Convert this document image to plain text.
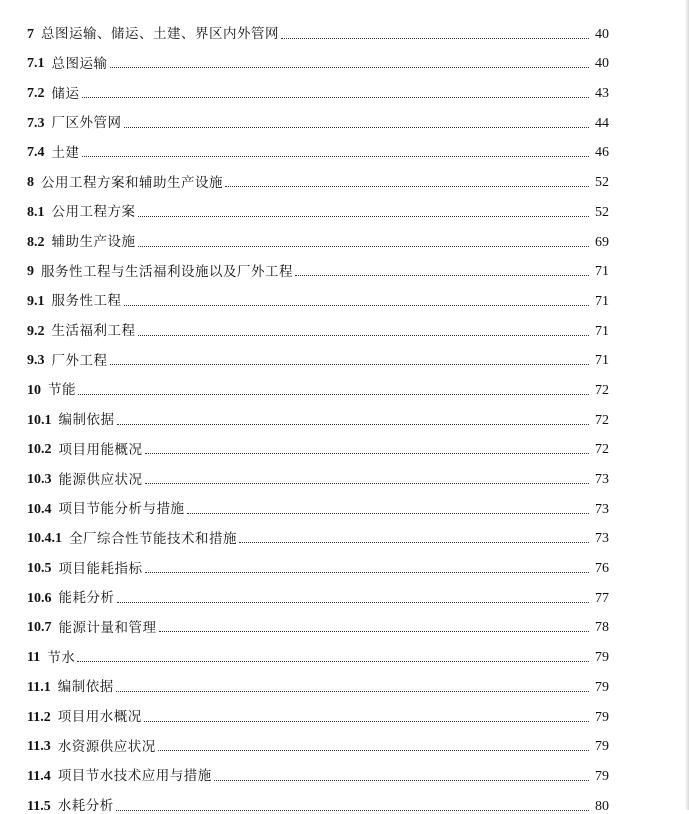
7 总图运输、储运、土建、界区内外管网	40
7.1 总图运输	40
7.2 储运	43
7.3 厂区外管网	44
7.4 土建	46
8 公用工程方案和辅助生产设施	52
8.1 公用工程方案	52
8.2 辅助生产设施	69
9 服务性工程与生活福利设施以及厂外工程	71
9.1 服务性工程	71
9.2 生活福利工程	71
9.3 厂外工程	71
10 节能	72
10.1 编制依据	72
10.2 项目用能概况	72
10.3 能源供应状况	73
10.4 项目节能分析与措施	73
10.4.1 全厂综合性节能技术和措施	73
10.5 项目能耗指标	76
10.6 能耗分析	77
10.7 能源计量和管理	78
11 节水	79
11.1 编制依据	79
11.2 项目用水概况	79
11.3 水资源供应状况	79
11.4 项目节水技术应用与措施	79
11.5 水耗分析	80
